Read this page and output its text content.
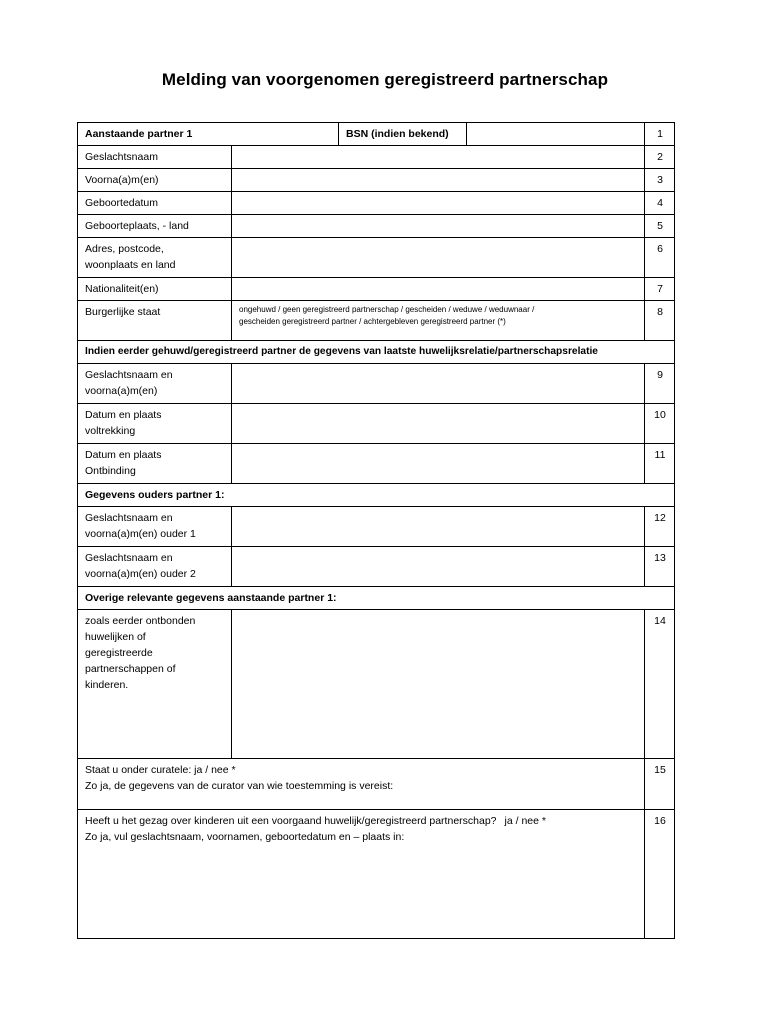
Melding van voorgenomen geregistreerd partnerschap
Aanstaande partner 1		BSN (indien bekend)		1
Geslachtsnaam				2
Voorna(a)m(en)				3
Geboortedatum				4
Geboorteplaats, - land				5

Adres, postcode,
woonplaats en land				6
Nationaliteit(en)				7
Burgerlijke staat	ongehuwd / geen geregistreerd partnerschap / gescheiden / weduwe / weduwnaar /
gescheiden geregistreerd partner / achtergebleven geregistreerd partner (*)			8
Indien eerder gehuwd/geregistreerd partner de gegevens van laatste huwelijksrelatie/partnerschapsrelatie				

Geslachtsnaam en
voorna(a)m(en)				9

Datum en plaats
voltrekking				10

Datum en plaats
Ontbinding				11
Gegevens ouders partner 1:				

Geslachtsnaam en
voorna(a)m(en) ouder 1				12

Geslachtsnaam en
voorna(a)m(en) ouder 2				13
Overige relevante gegevens aanstaande partner 1:				

zoals eerder ontbonden
huwelijken of
geregistreerde
partnerschappen of
kinderen.				14

Staat u onder curatele: ja / nee *
Zo ja, de gegevens van de curator van wie toestemming is vereist:				15

Heeft u het gezag over kinderen uit een voorgaand huwelijk/geregistreerd partnerschap? ja / nee *
Zo ja, vul geslachtsnaam, voornamen, geboortedatum en – plaats in:				16
